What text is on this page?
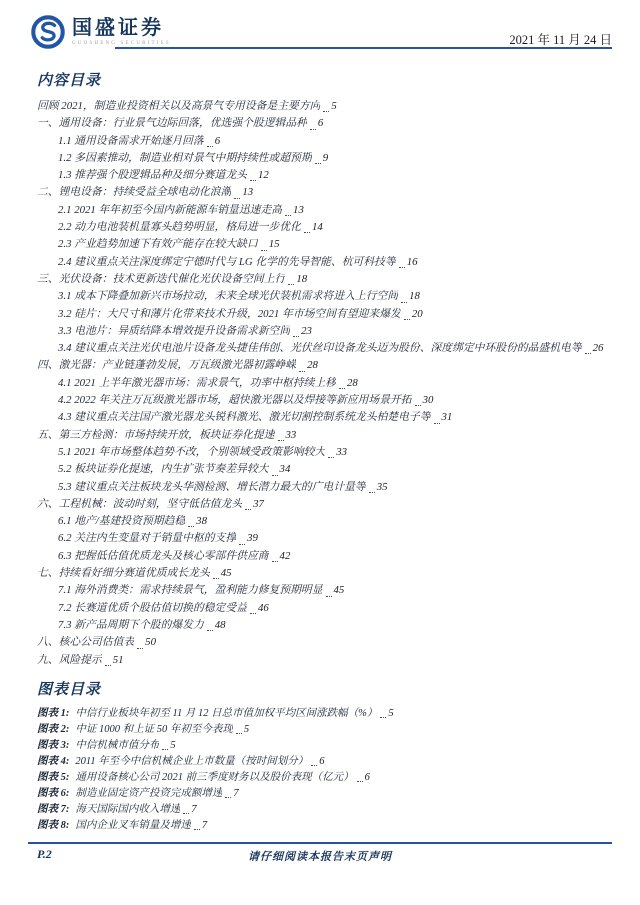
国盛证券
GUOSHENG SECURITIES	2021 年 11 月 24 日
内容目录
回顾 2021，制造业投资相关以及高景气专用设备是主要方向 5
一、通用设备：行业景气边际回落，优选强个股逻辑品种 6
1.1 通用设备需求开始逐月回落 6
1.2 多因素推动，制造业相对景气中期持续性或超预期 9
1.3 推荐强个股逻辑品种及细分赛道龙头 12
二、锂电设备：持续受益全球电动化浪潮 13
2.1 2021 年年初至今国内新能源车销量迅速走高 13
2.2 动力电池装机量寡头趋势明显，格局进一步优化 14
2.3 产业趋势加速下有效产能存在较大缺口 15
2.4 建议重点关注深度绑定宁德时代与 LG 化学的先导智能、杭可科技等 16
三、光伏设备：技术更新迭代催化光伏设备空间上行 18
3.1 成本下降叠加新兴市场拉动，未来全球光伏装机需求将进入上行空间 18
3.2 硅片：大尺寸和薄片化带来技术升级，2021 年市场空间有望迎来爆发 20
3.3 电池片：异质结降本增效提升设备需求新空间 23
3.4 建议重点关注光伏电池片设备龙头捷佳伟创、光伏丝印设备龙头迈为股份、深度绑定中环股份的晶盛机电等 26
四、激光器：产业链蓬勃发展，万瓦级激光器初露峥嵘 28
4.1 2021 上半年激光器市场：需求景气，功率中枢持续上移 28
4.2 2022 年关注万瓦级激光器市场，超快激光器以及焊接等新应用场景开拓 30
4.3 建议重点关注国产激光器龙头锐科激光、激光切割控制系统龙头柏楚电子等 31
五、第三方检测：市场持续开放，板块证券化提速 33
5.1 2021 年市场整体趋势不改，个别领域受政策影响较大 33
5.2 板块证券化提速，内生扩张节奏差异较大 34
5.3 建议重点关注板块龙头华测检测、增长潜力最大的广电计量等 35
六、工程机械：波动时刻，坚守低估值龙头 37
6.1 地产/基建投资预期趋稳 38
6.2 关注内生变量对于销量中枢的支撑 39
6.3 把握低估值优质龙头及核心零部件供应商 42
七、持续看好细分赛道优质成长龙头 45
7.1 海外消费类：需求持续景气，盈利能力修复预期明显 45
7.2 长赛道优质个股估值切换的稳定受益 46
7.3 新产品周期下个股的爆发力 48
八、核心公司估值表 50
九、风险提示 51
图表目录
图表 1: 中信行业板块年初至 11 月 12 日总市值加权平均区间涨跌幅（%） 5
图表 2: 中证 1000 和上证 50 年初至今表现 5
图表 3: 中信机械市值分布 5
图表 4: 2011 年至今中信机械企业上市数量（按时间划分） 6
图表 5: 通用设备核心公司 2021 前三季度财务以及股价表现（亿元） 6
图表 6: 制造业固定资产投资完成额增速 7
图表 7: 海天国际国内收入增速 7
图表 8: 国内企业叉车销量及增速 7
P.2	请仔细阅读本报告末页声明
